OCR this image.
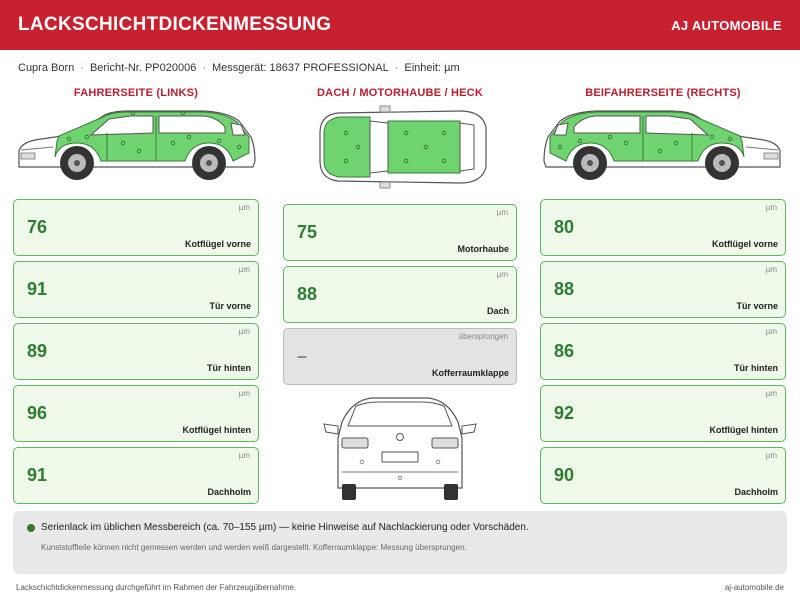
LACKSCHICHTDICKENMESSUNG	AJ AUTOMOBILE
Cupra Born · Bericht-Nr. PP020006 · Messgerät: 18637 PROFESSIONAL · Einheit: µm
FAHRERSEITE (LINKS)	DACH / MOTORHAUBE / HECK	BEIFAHRERSEITE (RECHTS)
µm
76
Kotflügel vorne
µm
91
Tür vorne
µm
89
Tür hinten
µm
96
Kotflügel hinten
µm
91
Dachholm
µm
75
Motorhaube
µm
88
Dach
übersprungen
–
Kofferraumklappe
µm
80
Kotflügel vorne
µm
88
Tür vorne
µm
86
Tür hinten
µm
92
Kotflügel hinten
µm
90
Dachholm
Serienlack im üblichen Messbereich (ca. 70–155 µm) — keine Hinweise auf Nachlackierung oder Vorschäden.
Kunststoffteile können nicht gemessen werden und werden weiß dargestellt. Kofferraumklappe: Messung übersprungen.
Lackschichtdickenmessung durchgeführt im Rahmen der Fahrzeugübernahme.	aj-automobile.de
